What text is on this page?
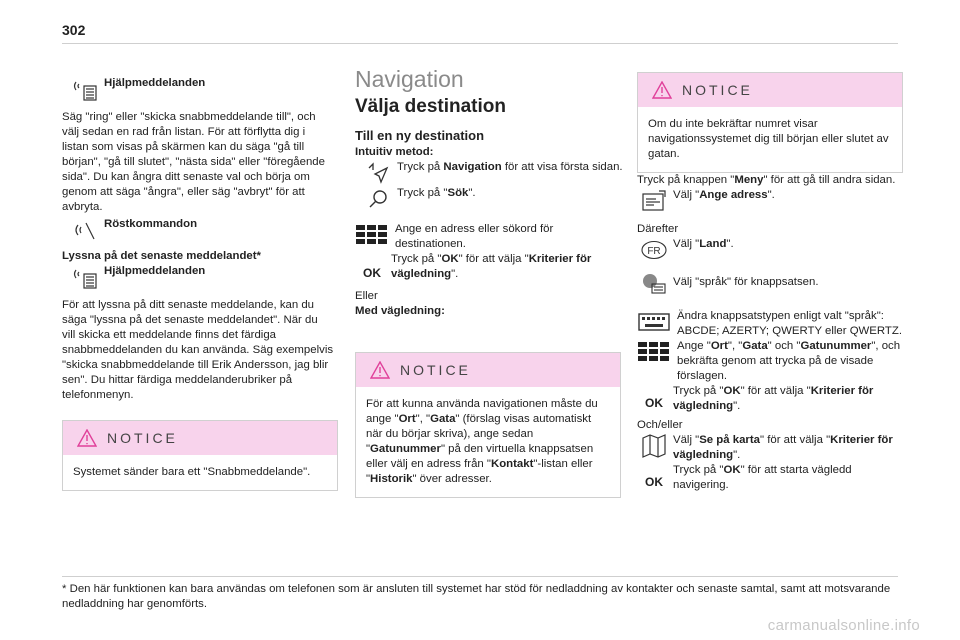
302
Hjälpmeddelanden

Säg "ring" eller "skicka snabbmeddelande till", och välj sedan en rad från listan. För att förflytta dig i listan som visas på skärmen kan du säga "gå till början", "gå till slutet", "nästa sida" eller "föregående sida". Du kan ångra ditt senaste val och börja om genom att säga "ångra", eller säg "avbryt" för att avbryta.

Röstkommandon

Lyssna på det senaste meddelandet*

Hjälpmeddelanden

För att lyssna på ditt senaste meddelande, kan du säga "lyssna på det senaste meddelandet". När du vill skicka ett meddelande finns det färdiga snabbmeddelanden du kan använda. Säg exempelvis "skicka snabbmeddelande till Erik Andersson, jag blir sen". Du hittar färdiga meddelanderubriker på telefonmenyn.

NOTICE
Systemet sänder bara ett "Snabbmeddelande".
Navigation
Välja destination
Till en ny destination

Intuitiv metod:

Tryck på Navigation för att visa första sidan.

Tryck på "Sök".

Ange en adress eller sökord för destinationen.

OK

Tryck på "OK" för att välja "Kriterier för vägledning".

Eller

Med vägledning:

NOTICE
För att kunna använda navigationen måste du ange "Ort", "Gata" (förslag visas automatiskt när du börjar skriva), ange sedan "Gatunummer" på den virtuella knappsatsen eller välj en adress från "Kontakt"-listan eller "Historik" över adresser.
NOTICE
Om du inte bekräftar numret visar navigationssystemet dig till början eller slutet av gatan.

Tryck på knappen "Meny" för att gå till andra sidan.

Välj "Ange adress".

Därefter

FR

Välj "Land".

Välj "språk" för knappsatsen.

Ändra knappsatstypen enligt valt "språk": ABCDE; AZERTY; QWERTY eller QWERTZ.

Ange "Ort", "Gata" och "Gatunummer", och bekräfta genom att trycka på de visade förslagen.

OK

Tryck på "OK" för att välja "Kriterier för vägledning".

Och/eller

Välj "Se på karta" för att välja "Kriterier för vägledning".

OK

Tryck på "OK" för att starta vägledd navigering.

* Den här funktionen kan bara användas om telefonen som är ansluten till systemet har stöd för nedladdning av kontakter och senaste samtal, samt att motsvarande nedladdning har genomförts.
carmanualsonline.info
